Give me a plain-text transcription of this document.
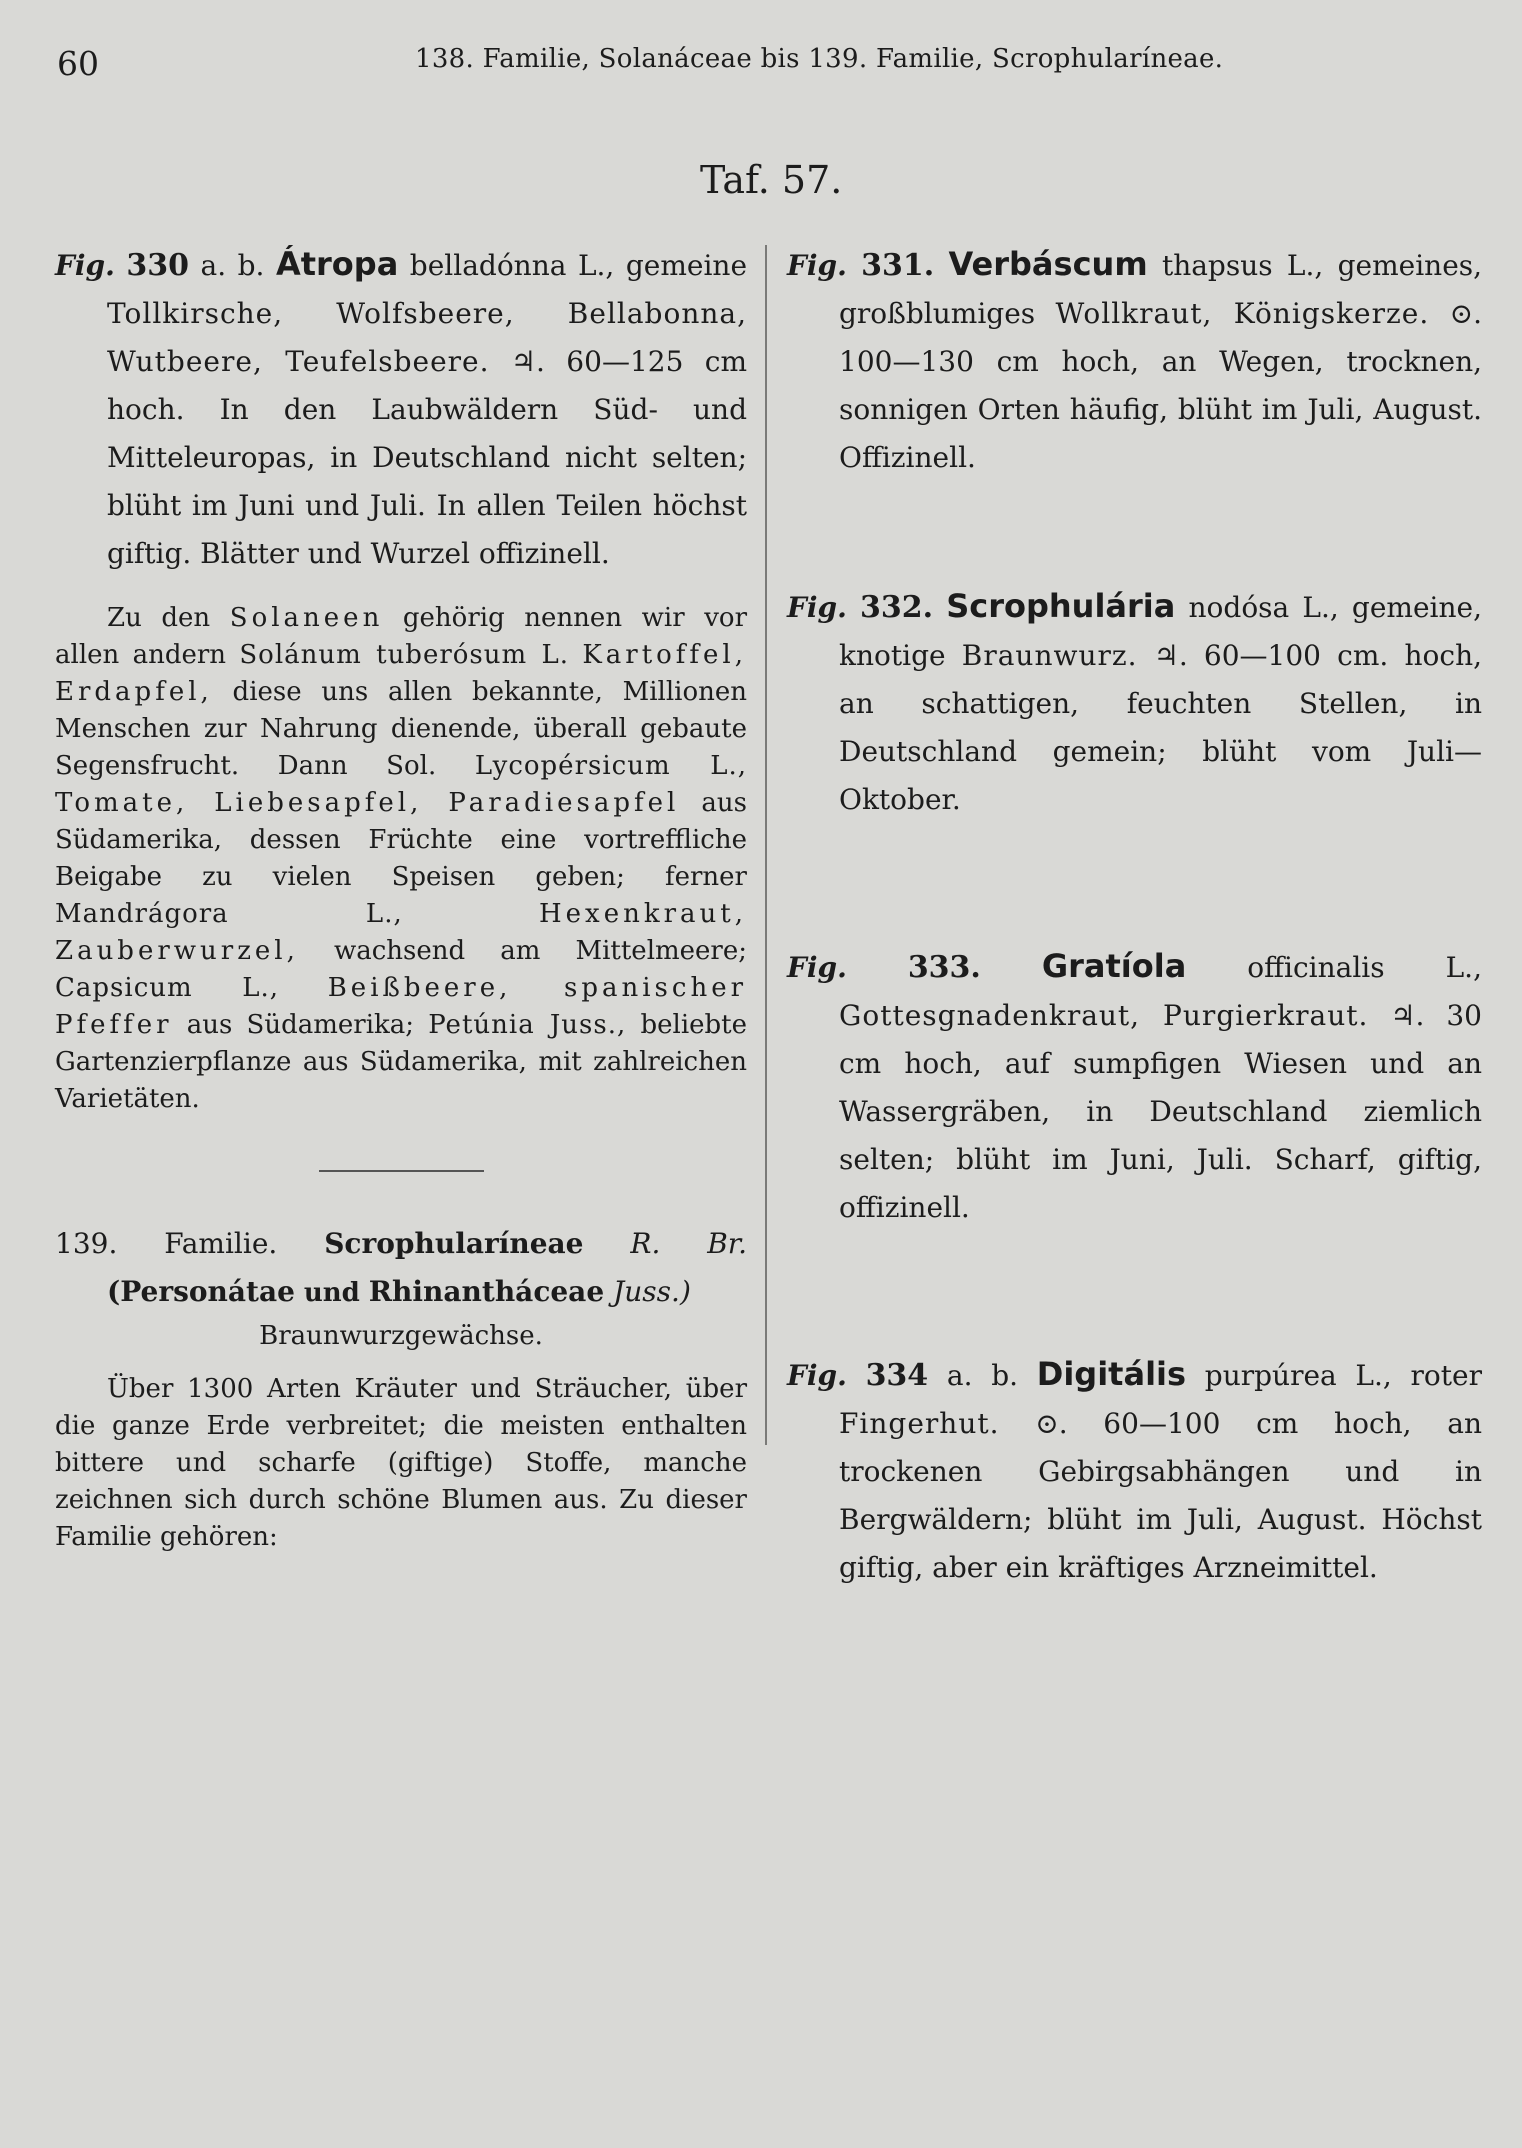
60	138. Familie, Solanáceae bis 139. Familie, Scrophularíneae.
Taf. 57.

Fig. 330 a. b. Átropa belladónna L., gemeine Tollkirsche, Wolfsbeere, Bellabonna, Wutbeere, Teufelsbeere. ♃. 60—125 cm hoch. In den Laubwäldern Süd- und Mitteleuropas, in Deutschland nicht selten; blüht im Juni und Juli. In allen Teilen höchst giftig. Blätter und Wurzel offizinell.

Zu den Solaneen gehörig nennen wir vor allen andern Solánum tuberósum L. Kartoffel, Erdapfel, diese uns allen bekannte, Millionen Menschen zur Nahrung dienende, überall gebaute Segensfrucht. Dann Sol. Lycopérsicum L., Tomate, Liebesapfel, Paradiesapfel aus Südamerika, dessen Früchte eine vortreffliche Beigabe zu vielen Speisen geben; ferner Mandrágora L.,	Hexenkraut, Zauberwurzel, wachsend am Mittelmeere; Capsicum L., Beißbeere, spanischer Pfeffer aus Südamerika; Petúnia Juss., beliebte Gartenzierpflanze aus Südamerika, mit zahlreichen Varietäten.

139. Familie. Scrophularíneae R. Br. (Personátae und Rhinantháceae Juss.)

Braunwurzgewächse.

Über 1300 Arten Kräuter und Sträucher, über die ganze Erde verbreitet; die meisten enthalten bittere und scharfe (giftige) Stoffe, manche zeichnen sich durch schöne Blumen aus. Zu dieser Familie gehören:

Fig. 331. Verbáscum thapsus L., gemeines, großblumiges Wollkraut, Königskerze. ⊙. 100—130 cm hoch, an Wegen, trocknen, sonnigen Orten häufig, blüht im Juli, August. Offizinell.

Fig. 332. Scrophulária nodósa L., gemeine, knotige Braunwurz. ♃. 60—100 cm. hoch, an schattigen, feuchten Stellen, in Deutschland gemein; blüht vom Juli—Oktober.

Fig. 333. Gratíola officinalis L., Gottesgnadenkraut, Purgierkraut. ♃. 30 cm hoch, auf sumpfigen Wiesen und an Wassergräben, in Deutschland ziemlich selten; blüht im Juni, Juli. Scharf, giftig, offizinell.

Fig. 334 a. b. Digitális purpúrea L., roter Fingerhut. ⊙. 60—100 cm hoch, an trockenen Gebirgsabhängen und in Bergwäldern; blüht im Juli, August. Höchst giftig, aber ein kräftiges Arzneimittel.
